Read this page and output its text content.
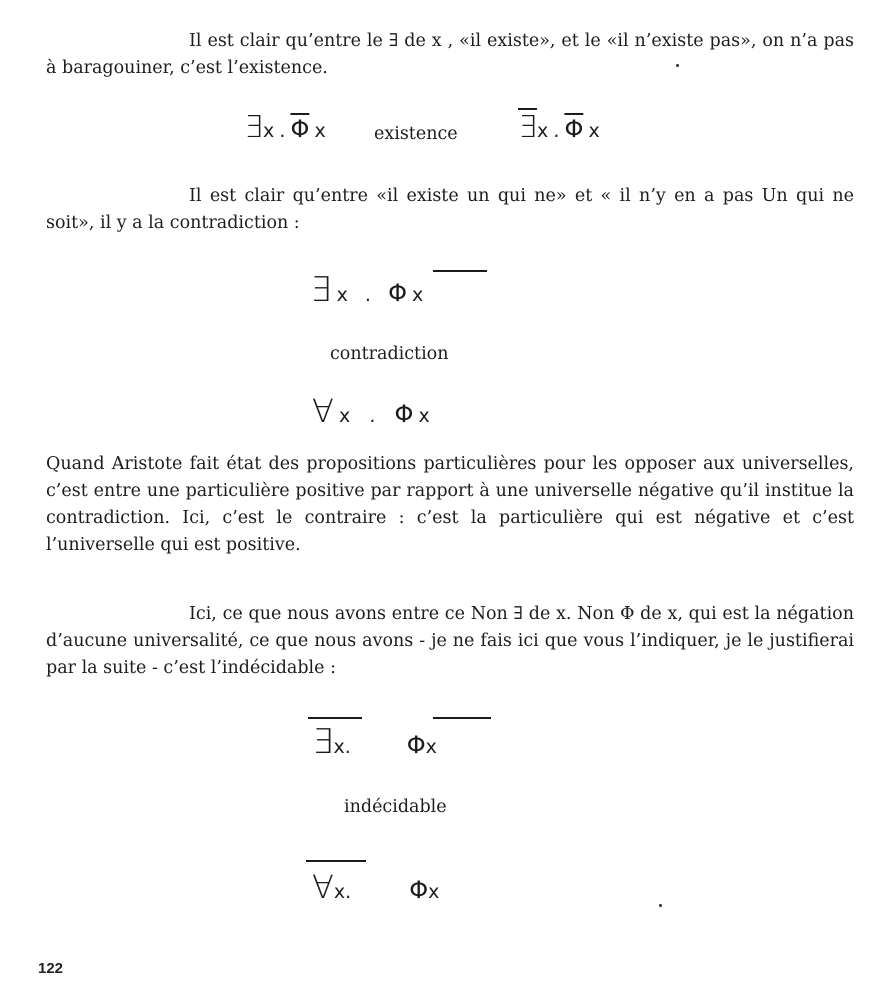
Il est clair qu’entre le ∃ de x , «il existe», et le «il n’existe pas», on n’a pas à baragouiner, c’est l’existence.

∃x . $\overline{\Phi}$ x	existence ∃x . $\overline{\Phi}$ x

Il est clair qu’entre «il existe un qui ne» et « il n’y en a pas Un qui ne soit», il y a la contradiction :

∃ x . Φ x
contradiction
∀ x . Φ x

Quand Aristote fait état des propositions particulières pour les opposer aux universelles, c’est entre une particulière positive par rapport à une universelle négative qu’il institue la contradiction. Ici, c’est le contraire : c’est la particulière qui est négative et c’est l’universelle qui est positive.

Ici, ce que nous avons entre ce Non ∃ de x. Non Φ de x, qui est la négation d’aucune universalité, ce que nous avons - je ne fais ici que vous l’indiquer, je le justifierai par la suite - c’est l’indécidable :

∃x. Φx
indécidable
∀x. Φx
122
